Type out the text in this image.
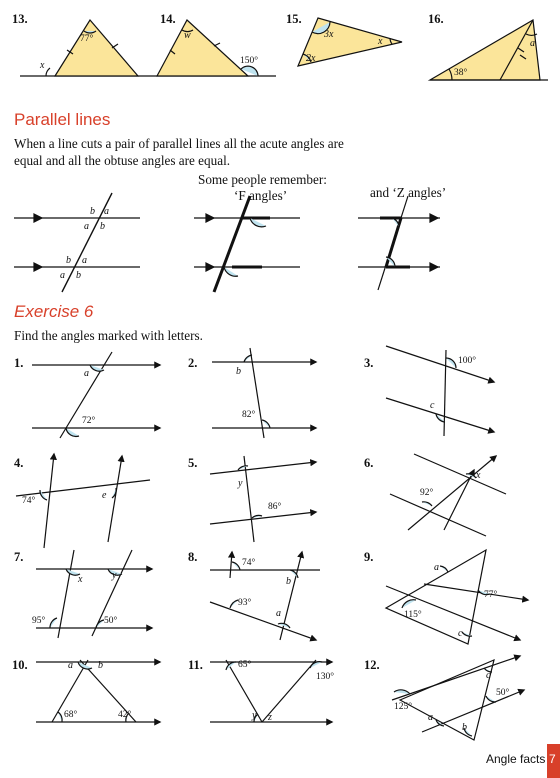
13.
77°
x
14.
w
150°
15.
3x
x
2x
16.
a
38°
Parallel lines
When a line cuts a pair of parallel lines all the acute angles are
equal and all the obtuse angles are equal.
Some people remember:
‘F angles’	and ‘Z angles’
b a
a b
b a
a b
Exercise 6
Find the angles marked with letters.
1.
a
72°
2.
b
82°
3.	100°
c
4.
74°	e
5.
y
86°
6.
x
92°
7.
x	y
95°	50°
8.	74°
b
93°
a
9.
a
77°
115°
c
10.	a	b
68°	42°
11.	65°
130°
y z
12.
c
50°
125°
a
b
Angle facts 7
